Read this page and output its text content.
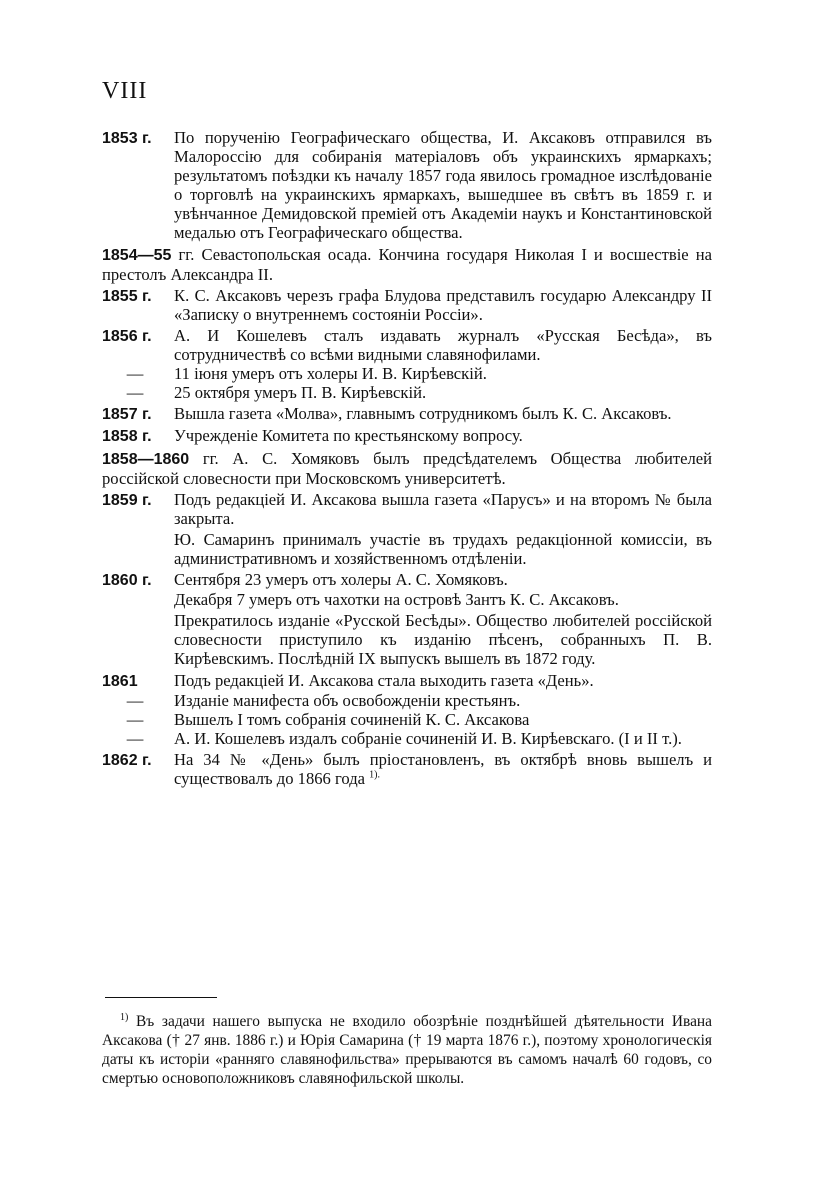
VIII
1853 г.	По порученію Географическаго общества, И. Аксаковъ отправился въ Малороссію для собиранія матеріаловъ объ украинскихъ ярмаркахъ; результатомъ поѣздки къ началу 1857 года явилось громадное изслѣдованіе о торговлѣ на украинскихъ ярмаркахъ, вышедшее въ свѣтъ въ 1859 г. и увѣнчанное Демидовской преміей отъ Академіи наукъ и Константиновской медалью отъ Географическаго общества.
1854—55 гг. Севастопольская осада. Кончина государя Николая I и восшествіе на престолъ Александра II.
1855 г.	К. С. Аксаковъ черезъ графа Блудова представилъ государю Александру II «Записку о внутреннемъ состояніи Россіи».
1856 г.	А. И Кошелевъ сталъ издавать журналъ «Русская Бесѣда», въ сотрудничествѣ со всѣми видными славянофилами.
—	11 іюня умеръ отъ холеры И. В. Кирѣевскій.
—	25 октября умеръ П. В. Кирѣевскій.
1857 г.	Вышла газета «Молва», главнымъ сотрудникомъ былъ К. С. Аксаковъ.
1858 г.	Учрежденіе Комитета по крестьянскому вопросу.
1858—1860 гг. А. С. Хомяковъ былъ предсѣдателемъ Общества любителей россійской словесности при Московскомъ университетѣ.
1859 г.	Подъ редакціей И. Аксакова вышла газета «Парусъ» и на второмъ № была закрыта.
Ю. Самаринъ принималъ участіе въ трудахъ редакціонной комиссіи, въ административномъ и хозяйственномъ отдѣленіи.
1860 г.	Сентября 23 умеръ отъ холеры А. С. Хомяковъ.
Декабря 7 умеръ отъ чахотки на островѣ Зантъ К. С. Аксаковъ.
Прекратилось изданіе «Русской Бесѣды». Общество любителей россійской словесности приступило къ изданію пѣсенъ, собранныхъ П. В. Кирѣевскимъ. Послѣдній IX выпускъ вышелъ въ 1872 году.
1861	Подъ редакціей И. Аксакова стала выходить газета «День».
—	Изданіе манифеста объ освобожденіи крестьянъ.
—	Вышелъ I томъ собранія сочиненій К. С. Аксакова
—	А. И. Кошелевъ издалъ собраніе сочиненій И. В. Кирѣевскаго. (I и II т.).
1862 г.	На 34 № «День» былъ пріостановленъ, въ октябрѣ вновь вышелъ и существовалъ до 1866 года $^{1).}$
$^{1)}$ Въ задачи нашего выпуска не входило обозрѣніе позднѣйшей дѣятельности Ивана Аксакова († 27 янв. 1886 г.) и Юрія Самарина († 19 марта 1876 г.), поэтому хронологическія даты къ исторіи «ранняго славянофильства» прерываются въ самомъ началѣ 60 годовъ, со смертью основоположниковъ славянофильской школы.
